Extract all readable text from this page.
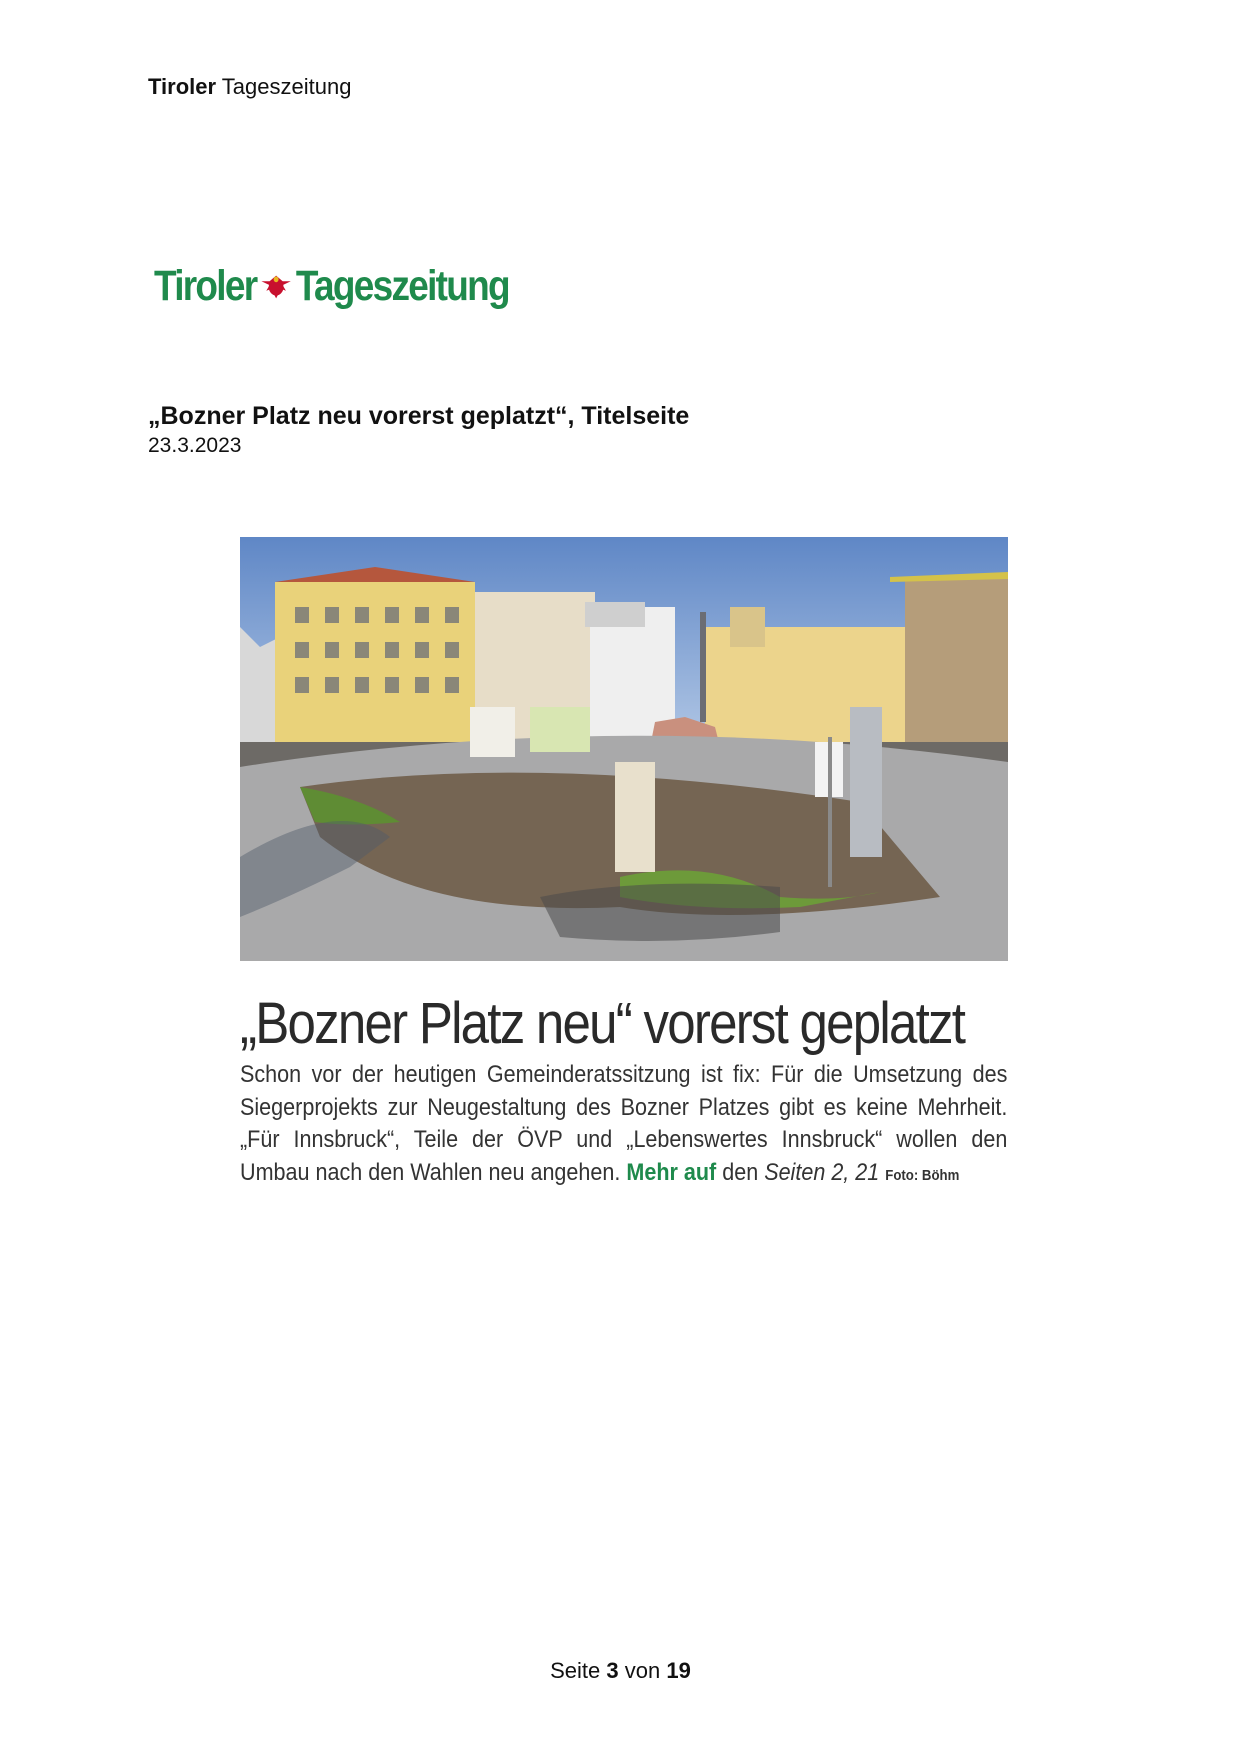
Tiroler Tageszeitung
Tiroler Tageszeitung
„Bozner Platz neu vorerst geplatzt“, Titelseite
23.3.2023
„Bozner Platz neu“ vorerst geplatzt
Schon vor der heutigen Gemeinderatssitzung ist fix: Für die Umsetzung des Siegerprojekts zur Neugestaltung des Bozner Platzes gibt es keine Mehrheit. „Für Innsbruck“, Teile der ÖVP und „Lebenswertes Innsbruck“ wollen den Umbau nach den Wahlen neu angehen. Mehr auf den Seiten 2, 21 Foto: Böhm
Seite 3 von 19
